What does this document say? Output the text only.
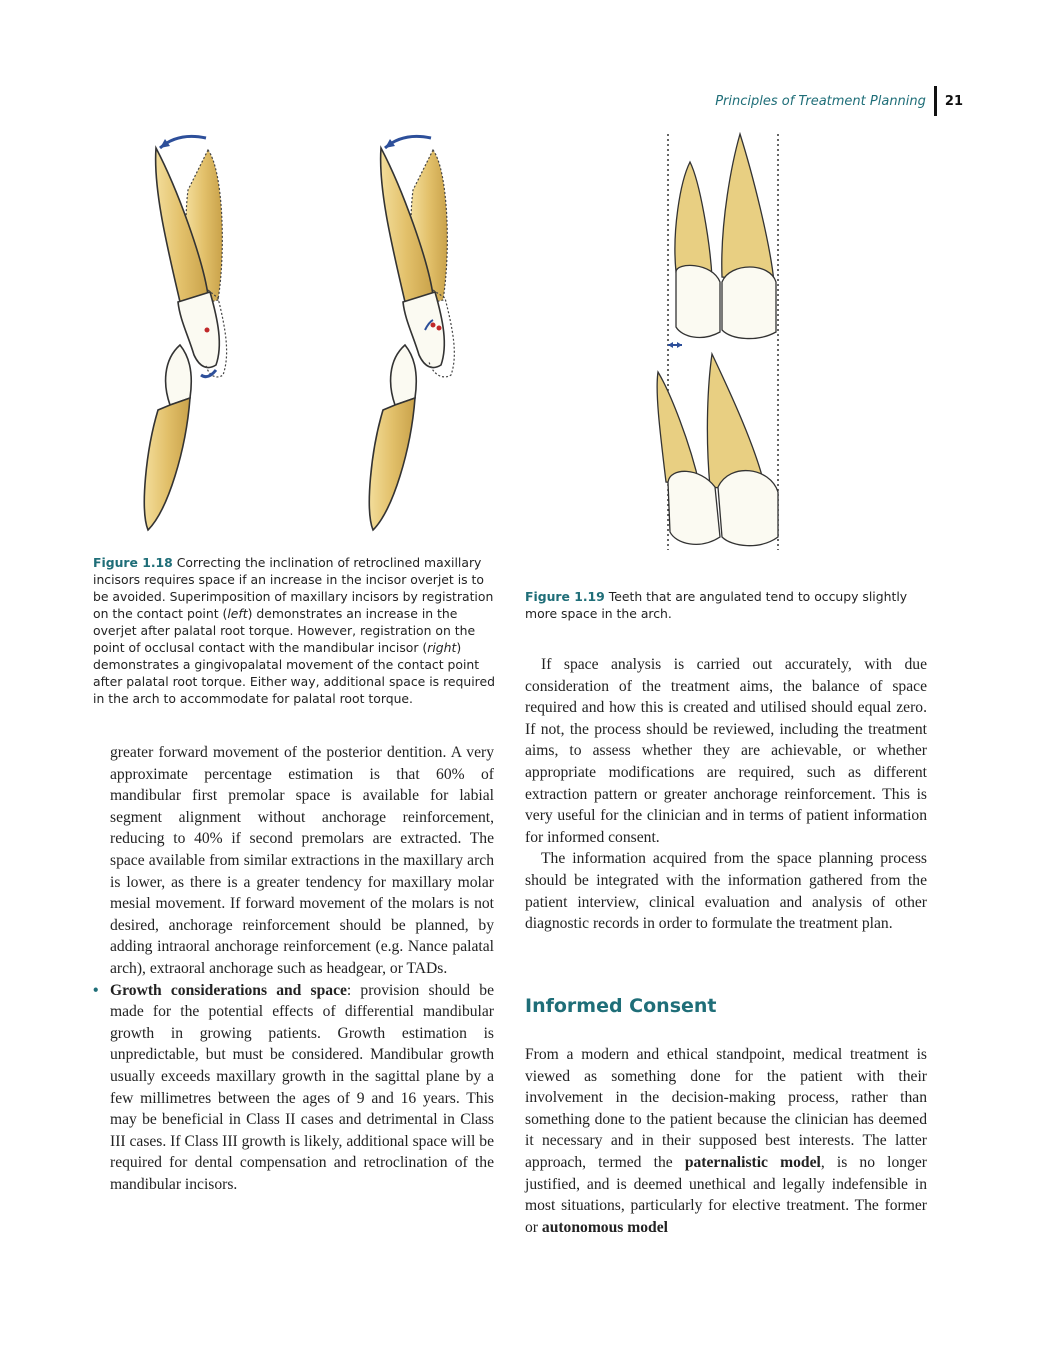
Principles of Treatment Planning 21
Figure 1.18 Correcting the inclination of retroclined maxillary incisors requires space if an increase in the incisor overjet is to be avoided. Superimposition of maxillary incisors by registration on the contact point (left) demonstrates an increase in the overjet after palatal root torque. However, registration on the point of occlusal contact with the mandibular incisor (right) demonstrates a gingivopalatal movement of the contact point after palatal root torque. Either way, additional space is required in the arch to accommodate for palatal root torque.
Figure 1.19 Teeth that are angulated tend to occupy slightly more space in the arch.

greater forward movement of the posterior dentition. A very approximate percentage estimation is that 60% of mandibular first premolar space is available for labial segment alignment without anchorage reinforcement, reducing to 40% if second premolars are extracted. The space available from similar extractions in the maxillary arch is lower, as there is a greater tendency for maxillary molar mesial movement. If forward movement of the molars is not desired, anchorage reinforcement should be planned, by adding intraoral anchorage reinforcement (e.g. Nance palatal arch), extraoral anchorage such as headgear, or TADs.

• Growth considerations and space: provision should be made for the potential effects of differential mandibular growth in growing patients. Growth estimation is unpredictable, but must be considered. Mandibular growth usually exceeds maxillary growth in the sagittal plane by a few millimetres between the ages of 9 and 16 years. This may be beneficial in Class II cases and detrimental in Class III cases. If Class III growth is likely, additional space will be required for dental compensation and retroclination of the mandibular incisors.

If space analysis is carried out accurately, with due consideration of the treatment aims, the balance of space required and how this is created and utilised should equal zero. If not, the process should be reviewed, including the treatment aims, to assess whether they are achievable, or whether appropriate modifications are required, such as different extraction pattern or greater anchorage reinforcement. This is very useful for the clinician and in terms of patient information for informed consent.

The information acquired from the space planning process should be integrated with the information gathered from the patient interview, clinical evaluation and analysis of other diagnostic records in order to formulate the treatment plan.

Informed Consent

From a modern and ethical standpoint, medical treatment is viewed as something done for the patient with their involvement in the decision-making process, rather than something done to the patient because the clinician has deemed it necessary and in their supposed best interests. The latter approach, termed the paternalistic model, is no longer justified, and is deemed unethical and legally indefensible in most situations, particularly for elective treatment. The former or autonomous model
